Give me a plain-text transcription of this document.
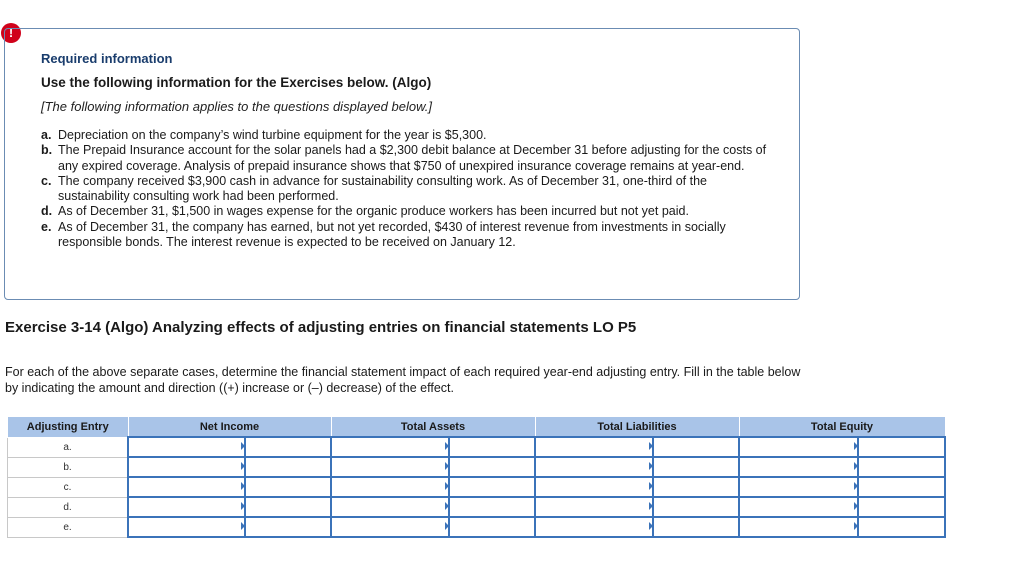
!
Required information
Use the following information for the Exercises below. (Algo)
[The following information applies to the questions displayed below.]
a. Depreciation on the company’s wind turbine equipment for the year is $5,300.
b. The Prepaid Insurance account for the solar panels had a $2,300 debit balance at December 31 before adjusting for the costs of any expired coverage. Analysis of prepaid insurance shows that $750 of unexpired insurance coverage remains at year-end.
c. The company received $3,900 cash in advance for sustainability consulting work. As of December 31, one-third of the sustainability consulting work had been performed.
d. As of December 31, $1,500 in wages expense for the organic produce workers has been incurred but not yet paid.
e. As of December 31, the company has earned, but not yet recorded, $430 of interest revenue from investments in socially responsible bonds. The interest revenue is expected to be received on January 12.
Exercise 3-14 (Algo) Analyzing effects of adjusting entries on financial statements LO P5
For each of the above separate cases, determine the financial statement impact of each required year-end adjusting entry. Fill in the table below by indicating the amount and direction ((+) increase or (–) decrease) of the effect.
Adjusting Entry	Net Income		Total Assets		Total Liabilities		Total Equity	
a.	

b.	

c.	

d.	

e.	
